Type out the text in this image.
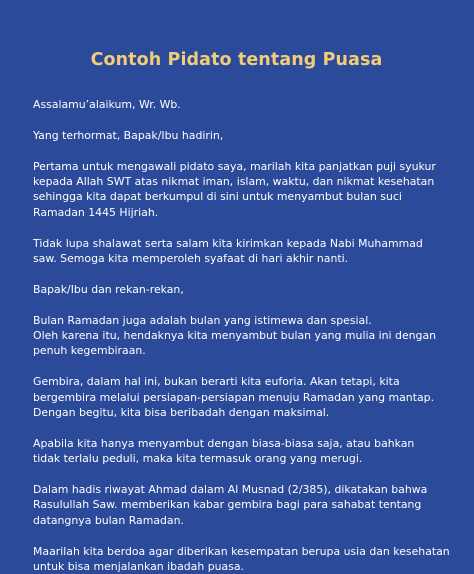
Contoh Pidato tentang Puasa

Assalamu’alaikum, Wr. Wb.

Yang terhormat, Bapak/Ibu hadirin,

Pertama untuk mengawali pidato saya, marilah kita panjatkan puji syukur
kepada Allah SWT atas nikmat iman, islam, waktu, dan nikmat kesehatan
sehingga kita dapat berkumpul di sini untuk menyambut bulan suci
Ramadan 1445 Hijriah.

Tidak lupa shalawat serta salam kita kirimkan kepada Nabi Muhammad
saw. Semoga kita memperoleh syafaat di hari akhir nanti.

Bapak/Ibu dan rekan-rekan,

Bulan Ramadan juga adalah bulan yang istimewa dan spesial.
Oleh karena itu, hendaknya kita menyambut bulan yang mulia ini dengan
penuh kegembiraan.

Gembira, dalam hal ini, bukan berarti kita euforia. Akan tetapi, kita
bergembira melalui persiapan-persiapan menuju Ramadan yang mantap.
Dengan begitu, kita bisa beribadah dengan maksimal.

Apabila kita hanya menyambut dengan biasa-biasa saja, atau bahkan
tidak terlalu peduli, maka kita termasuk orang yang merugi.

Dalam hadis riwayat Ahmad dalam Al Musnad (2/385), dikatakan bahwa
Rasulullah Saw. memberikan kabar gembira bagi para sahabat tentang
datangnya bulan Ramadan.

Maarilah kita berdoa agar diberikan kesempatan berupa usia dan kesehatan
untuk bisa menjalankan ibadah puasa.
